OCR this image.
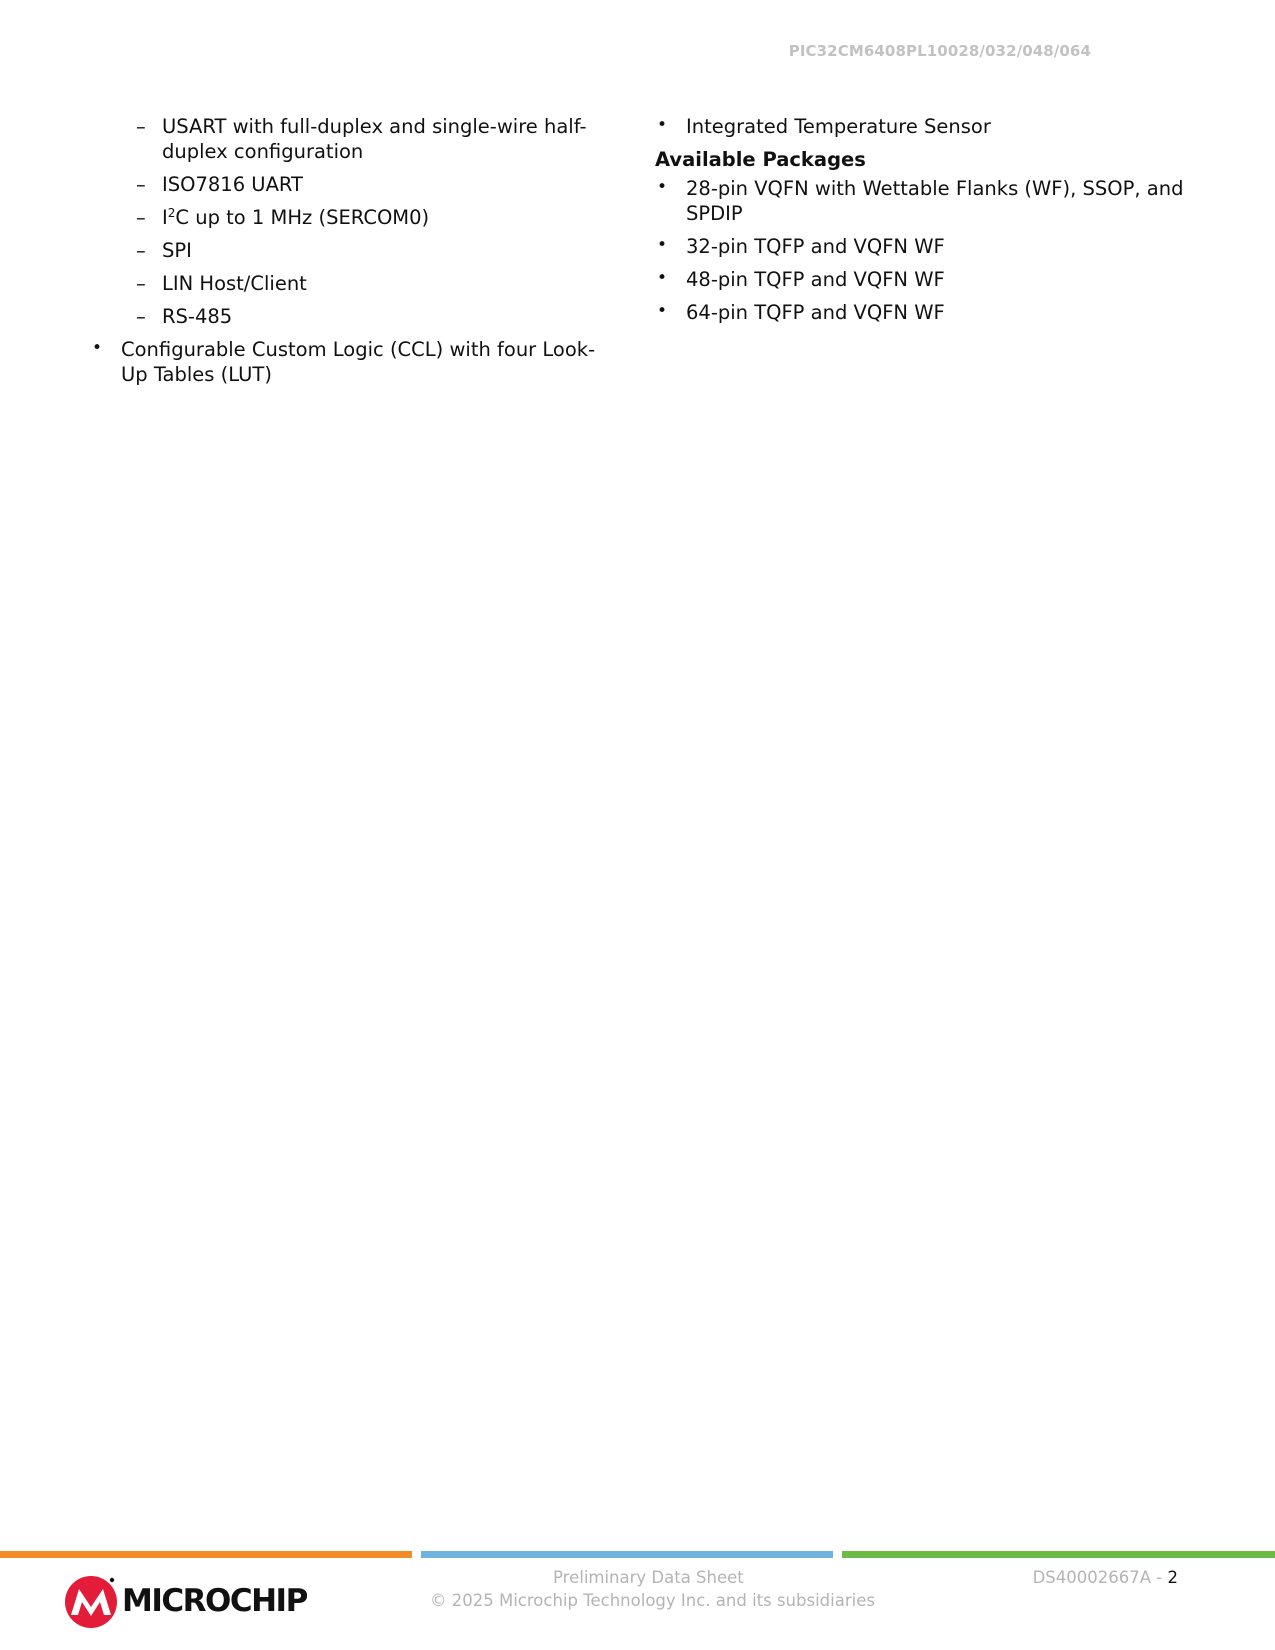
PIC32CM6408PL10028/032/048/064
– USART with full-duplex and single-wire half-duplex configuration
– ISO7816 UART
– $I^2C$ up to 1 MHz (SERCOM0)
– SPI
– LIN Host/Client
– RS-485
• Configurable Custom Logic (CCL) with four Look-Up Tables (LUT)
• Integrated Temperature Sensor
Available Packages
• 28-pin VQFN with Wettable Flanks (WF), SSOP, and SPDIP
• 32-pin TQFP and VQFN WF
• 48-pin TQFP and VQFN WF
• 64-pin TQFP and VQFN WF
MICROCHIP
Preliminary Data Sheet
© 2025 Microchip Technology Inc. and its subsidiaries
DS40002667A - 2
